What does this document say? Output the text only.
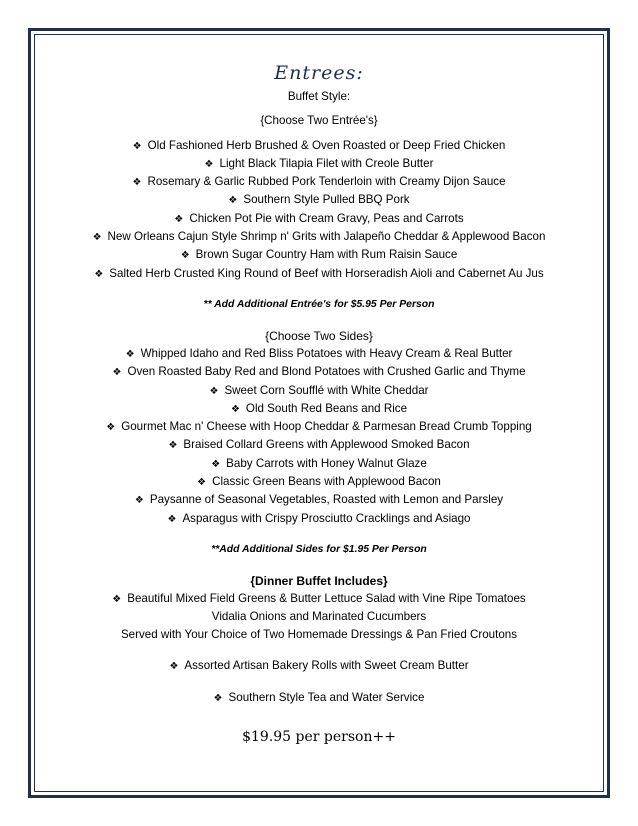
Entrees:
Buffet Style:
{Choose Two Entrée's}
❖ Old Fashioned Herb Brushed & Oven Roasted or Deep Fried Chicken
❖ Light Black Tilapia Filet with Creole Butter
❖ Rosemary & Garlic Rubbed Pork Tenderloin with Creamy Dijon Sauce
❖ Southern Style Pulled BBQ Pork
❖ Chicken Pot Pie with Cream Gravy, Peas and Carrots
❖ New Orleans Cajun Style Shrimp n' Grits with Jalapeño Cheddar & Applewood Bacon
❖ Brown Sugar Country Ham with Rum Raisin Sauce
❖ Salted Herb Crusted King Round of Beef with Horseradish Aioli and Cabernet Au Jus
** Add Additional Entrée's for $5.95 Per Person
{Choose Two Sides}
❖ Whipped Idaho and Red Bliss Potatoes with Heavy Cream & Real Butter
❖ Oven Roasted Baby Red and Blond Potatoes with Crushed Garlic and Thyme
❖ Sweet Corn Soufflé with White Cheddar
❖ Old South Red Beans and Rice
❖ Gourmet Mac n' Cheese with Hoop Cheddar & Parmesan Bread Crumb Topping
❖ Braised Collard Greens with Applewood Smoked Bacon
❖ Baby Carrots with Honey Walnut Glaze
❖ Classic Green Beans with Applewood Bacon
❖ Paysanne of Seasonal Vegetables, Roasted with Lemon and Parsley
❖ Asparagus with Crispy Prosciutto Cracklings and Asiago
**Add Additional Sides for $1.95 Per Person
{Dinner Buffet Includes}
❖ Beautiful Mixed Field Greens & Butter Lettuce Salad with Vine Ripe Tomatoes
Vidalia Onions and Marinated Cucumbers
Served with Your Choice of Two Homemade Dressings & Pan Fried Croutons
❖ Assorted Artisan Bakery Rolls with Sweet Cream Butter
❖ Southern Style Tea and Water Service
$19.95 per person++
